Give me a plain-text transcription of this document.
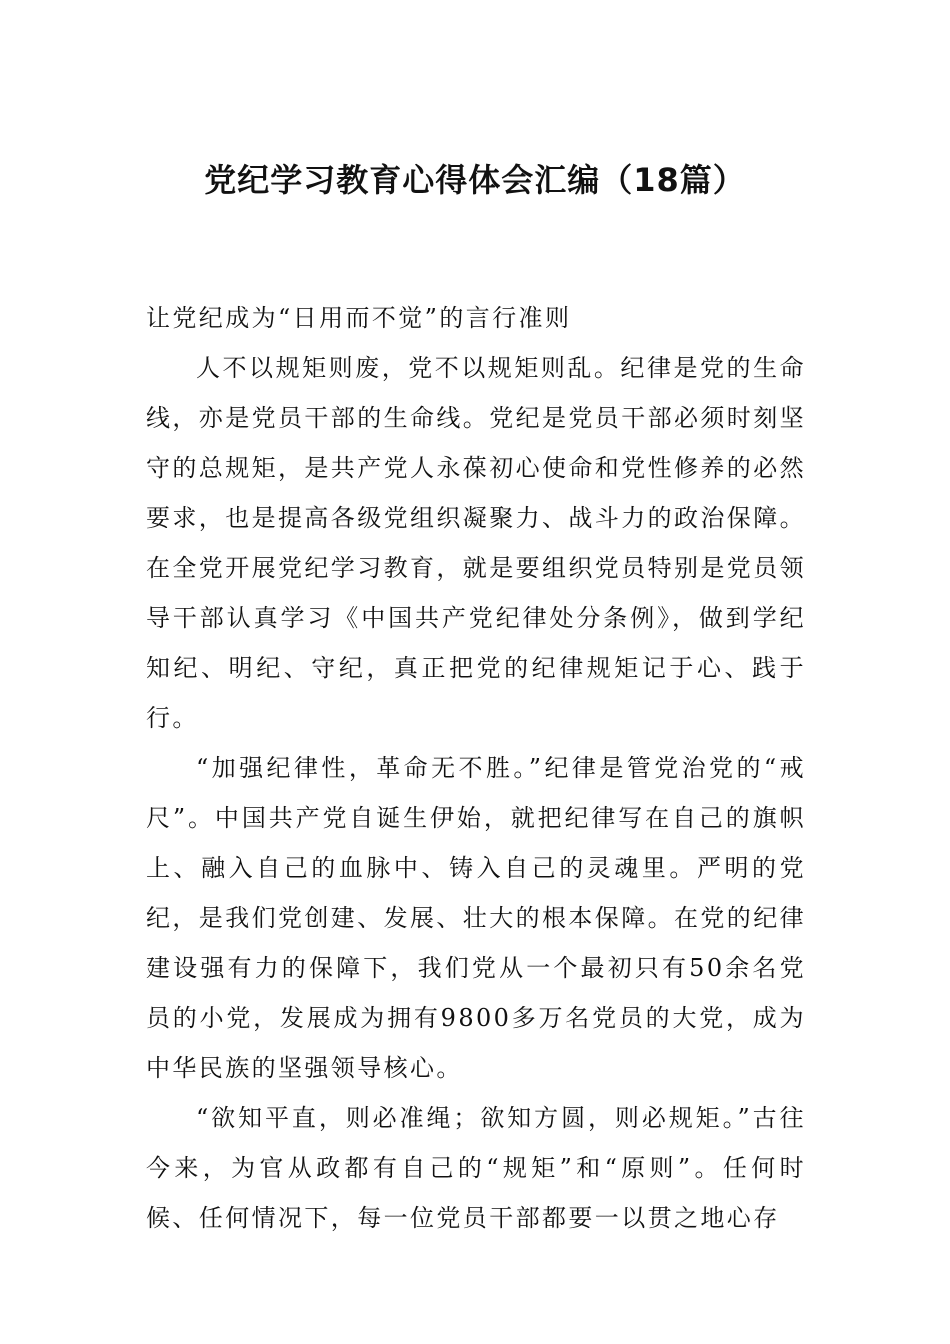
党纪学习教育心得体会汇编（18篇）

让党纪成为“日用而不觉”的言行准则

人不以规矩则废，党不以规矩则乱。纪律是党的生命线，亦是党员干部的生命线。党纪是党员干部必须时刻坚守的总规矩，是共产党人永葆初心使命和党性修养的必然要求，也是提高各级党组织凝聚力、战斗力的政治保障。在全党开展党纪学习教育，就是要组织党员特别是党员领导干部认真学习《中国共产党纪律处分条例》，做到学纪知纪、明纪、守纪，真正把党的纪律规矩记于心、践于行。

“加强纪律性，革命无不胜。”纪律是管党治党的“戒尺”。中国共产党自诞生伊始，就把纪律写在自己的旗帜上、融入自己的血脉中、铸入自己的灵魂里。严明的党纪，是我们党创建、发展、壮大的根本保障。在党的纪律建设强有力的保障下，我们党从一个最初只有50余名党员的小党，发展成为拥有9800多万名党员的大党，成为中华民族的坚强领导核心。

“欲知平直，则必准绳；欲知方圆，则必规矩。”古往今来，为官从政都有自己的“规矩”和“原则”。任何时候、任何情况下，每一位党员干部都要一以贯之地心存
